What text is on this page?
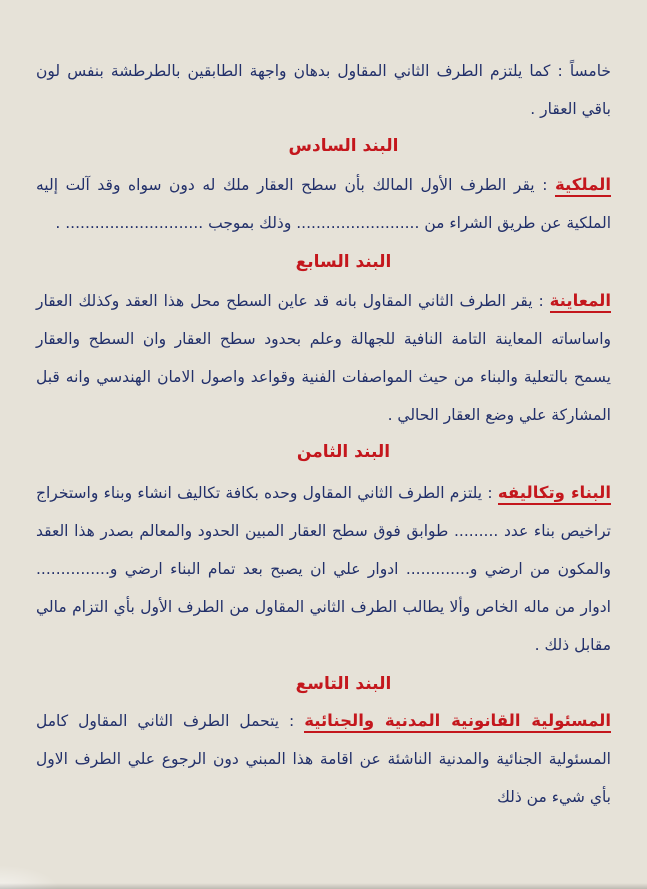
خامساً : كما يلتزم الطرف الثاني المقاول بدهان واجهة الطابقين بالطرطشة بنفس لون باقي العقار .

البند السادس

الملكية : يقر الطرف الأول المالك بأن سطح العقار ملك له دون سواه وقد آلت إليه الملكية عن طريق الشراء من ......................... وذلك بموجب ............................ .

البند السابع

المعاينة : يقر الطرف الثاني المقاول بانه قد عاين السطح محل هذا العقد وكذلك العقار واساساته المعاينة التامة النافية للجهالة وعلم بحدود سطح العقار وان السطح والعقار يسمح بالتعلية والبناء من حيث المواصفات الفنية وقواعد واصول الامان الهندسي وانه قبل المشاركة علي وضع العقار الحالي .

البند الثامن

البناء وتكاليفه : يلتزم الطرف الثاني المقاول وحده بكافة تكاليف انشاء وبناء واستخراج تراخيص بناء عدد ......... طوابق فوق سطح العقار المبين الحدود والمعالم بصدر هذا العقد والمكون من ارضي و............. ادوار علي ان يصبح بعد تمام البناء ارضي و............... ادوار من ماله الخاص وألا يطالب الطرف الثاني المقاول من الطرف الأول بأي التزام مالي مقابل ذلك .

البند التاسع

المسئولية القانونية المدنية والجنائية : يتحمل الطرف الثاني المقاول كامل المسئولية الجنائية والمدنية الناشئة عن اقامة هذا المبني دون الرجوع علي الطرف الاول بأي شيء من ذلك
